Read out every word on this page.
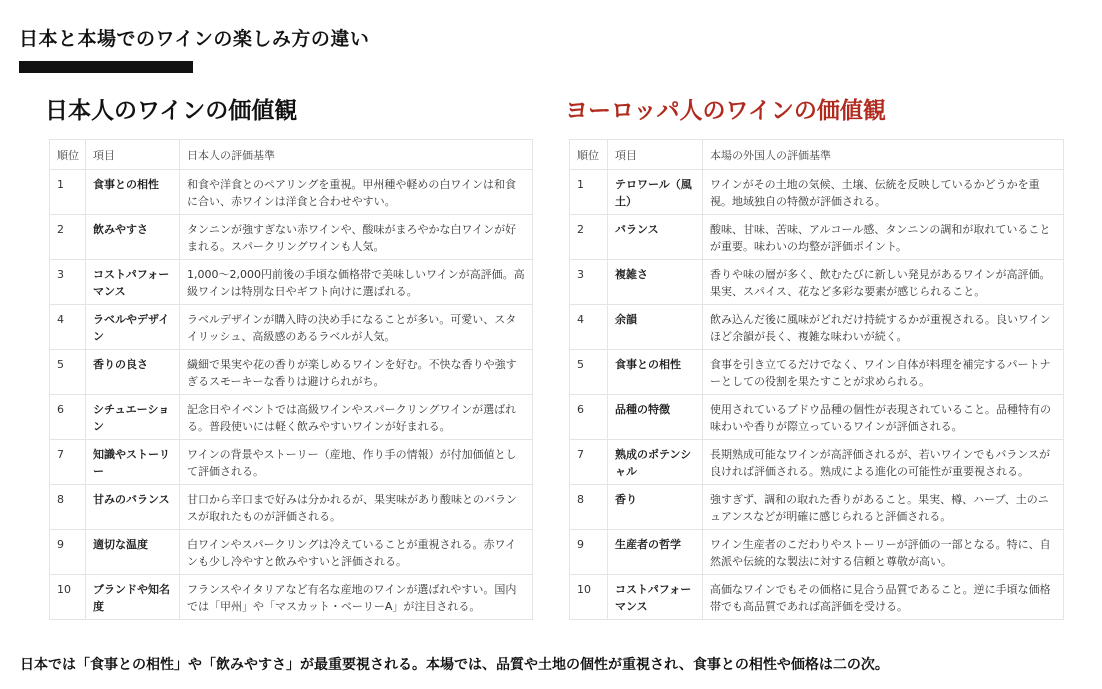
日本と本場でのワインの楽しみ方の違い
日本人のワインの価値観	ヨーロッパ人のワインの価値観
順位	項目	日本人の評価基準
1	食事との相性	和食や洋食とのペアリングを重視。甲州種や軽めの白ワインは和食に合い、赤ワインは洋食と合わせやすい。
2	飲みやすさ	タンニンが強すぎない赤ワインや、酸味がまろやかな白ワインが好まれる。スパークリングワインも人気。
3	コストパフォーマンス	1,000〜2,000円前後の手頃な価格帯で美味しいワインが高評価。高級ワインは特別な日やギフト向けに選ばれる。
4	ラベルやデザイン	ラベルデザインが購入時の決め手になることが多い。可愛い、スタイリッシュ、高級感のあるラベルが人気。
5	香りの良さ	繊細で果実や花の香りが楽しめるワインを好む。不快な香りや強すぎるスモーキーな香りは避けられがち。
6	シチュエーション	記念日やイベントでは高級ワインやスパークリングワインが選ばれる。普段使いには軽く飲みやすいワインが好まれる。
7	知識やストーリー	ワインの背景やストーリー（産地、作り手の情報）が付加価値として評価される。
8	甘みのバランス	甘口から辛口まで好みは分かれるが、果実味があり酸味とのバランスが取れたものが評価される。
9	適切な温度	白ワインやスパークリングは冷えていることが重視される。赤ワインも少し冷やすと飲みやすいと評価される。
10	ブランドや知名度	フランスやイタリアなど有名な産地のワインが選ばれやすい。国内では「甲州」や「マスカット・ベーリーA」が注目される。
順位	項目	本場の外国人の評価基準
1	テロワール（風土）	ワインがその土地の気候、土壌、伝統を反映しているかどうかを重視。地域独自の特徴が評価される。
2	バランス	酸味、甘味、苦味、アルコール感、タンニンの調和が取れていることが重要。味わいの均整が評価ポイント。
3	複雑さ	香りや味の層が多く、飲むたびに新しい発見があるワインが高評価。果実、スパイス、花など多彩な要素が感じられること。
4	余韻	飲み込んだ後に風味がどれだけ持続するかが重視される。良いワインほど余韻が長く、複雑な味わいが続く。
5	食事との相性	食事を引き立てるだけでなく、ワイン自体が料理を補完するパートナーとしての役割を果たすことが求められる。
6	品種の特徴	使用されているブドウ品種の個性が表現されていること。品種特有の味わいや香りが際立っているワインが評価される。
7	熟成のポテンシャル	長期熟成可能なワインが高評価されるが、若いワインでもバランスが良ければ評価される。熟成による進化の可能性が重要視される。
8	香り	強すぎず、調和の取れた香りがあること。果実、樽、ハーブ、土のニュアンスなどが明確に感じられると評価される。
9	生産者の哲学	ワイン生産者のこだわりやストーリーが評価の一部となる。特に、自然派や伝統的な製法に対する信頼と尊敬が高い。
10	コストパフォーマンス	高価なワインでもその価格に見合う品質であること。逆に手頃な価格帯でも高品質であれば高評価を受ける。
日本では「食事との相性」や「飲みやすさ」が最重要視される。本場では、品質や土地の個性が重視され、食事との相性や価格は二の次。
